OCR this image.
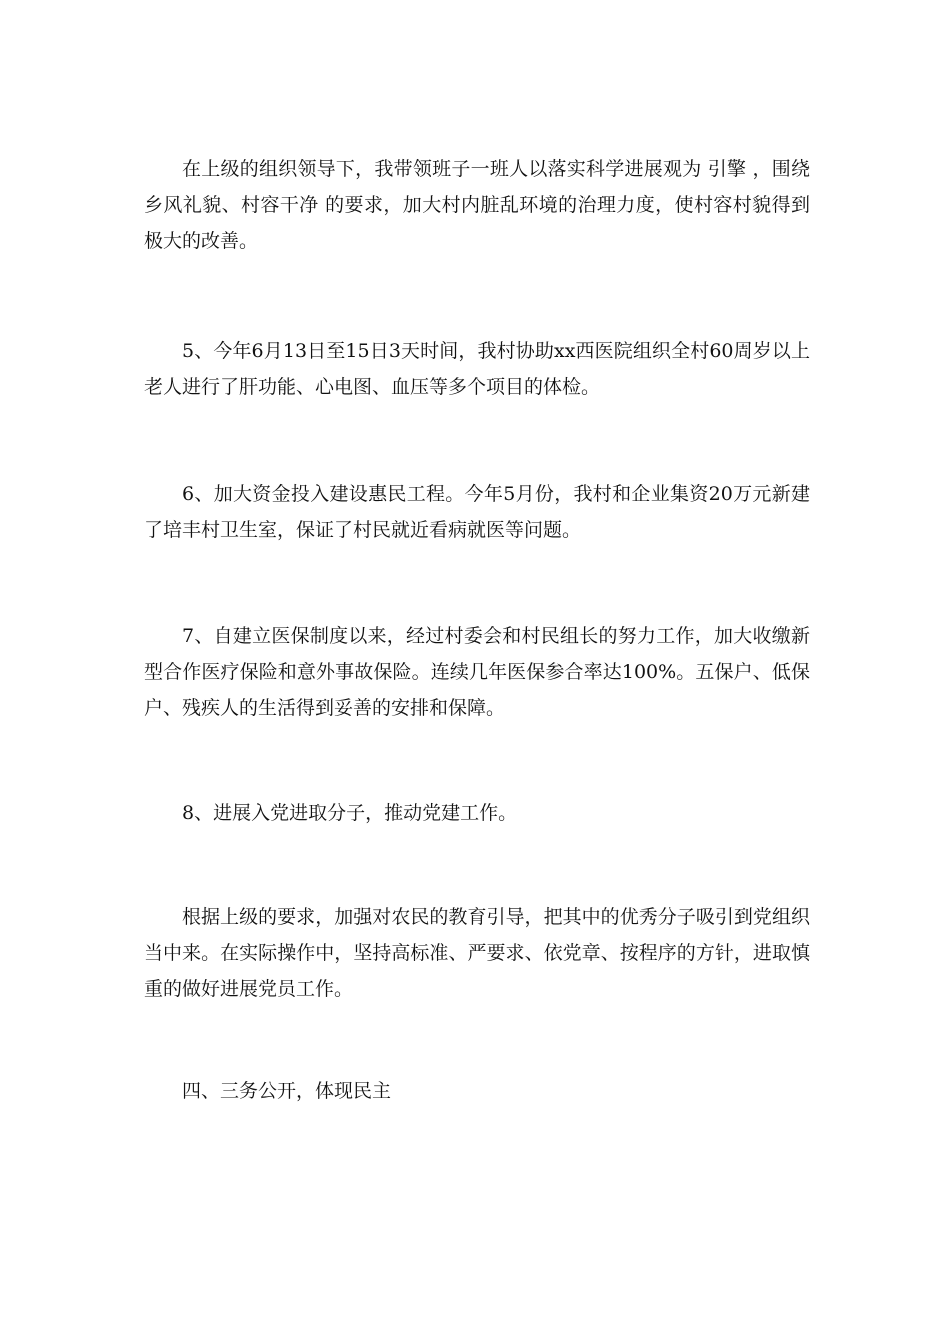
在上级的组织领导下，我带领班子一班人以落实科学进展观为 引擎 ，围绕乡风礼貌、村容干净 的要求，加大村内脏乱环境的治理力度，使村容村貌得到极大的改善。

5、今年6月13日至15日3天时间，我村协助xx西医院组织全村60周岁以上老人进行了肝功能、心电图、血压等多个项目的体检。

6、加大资金投入建设惠民工程。今年5月份，我村和企业集资20万元新建了培丰村卫生室，保证了村民就近看病就医等问题。

7、自建立医保制度以来，经过村委会和村民组长的努力工作，加大收缴新型合作医疗保险和意外事故保险。连续几年医保参合率达100%。五保户、低保户、残疾人的生活得到妥善的安排和保障。

8、进展入党进取分子，推动党建工作。

根据上级的要求，加强对农民的教育引导，把其中的优秀分子吸引到党组织当中来。在实际操作中，坚持高标准、严要求、依党章、按程序的方针，进取慎重的做好进展党员工作。

四、三务公开，体现民主
